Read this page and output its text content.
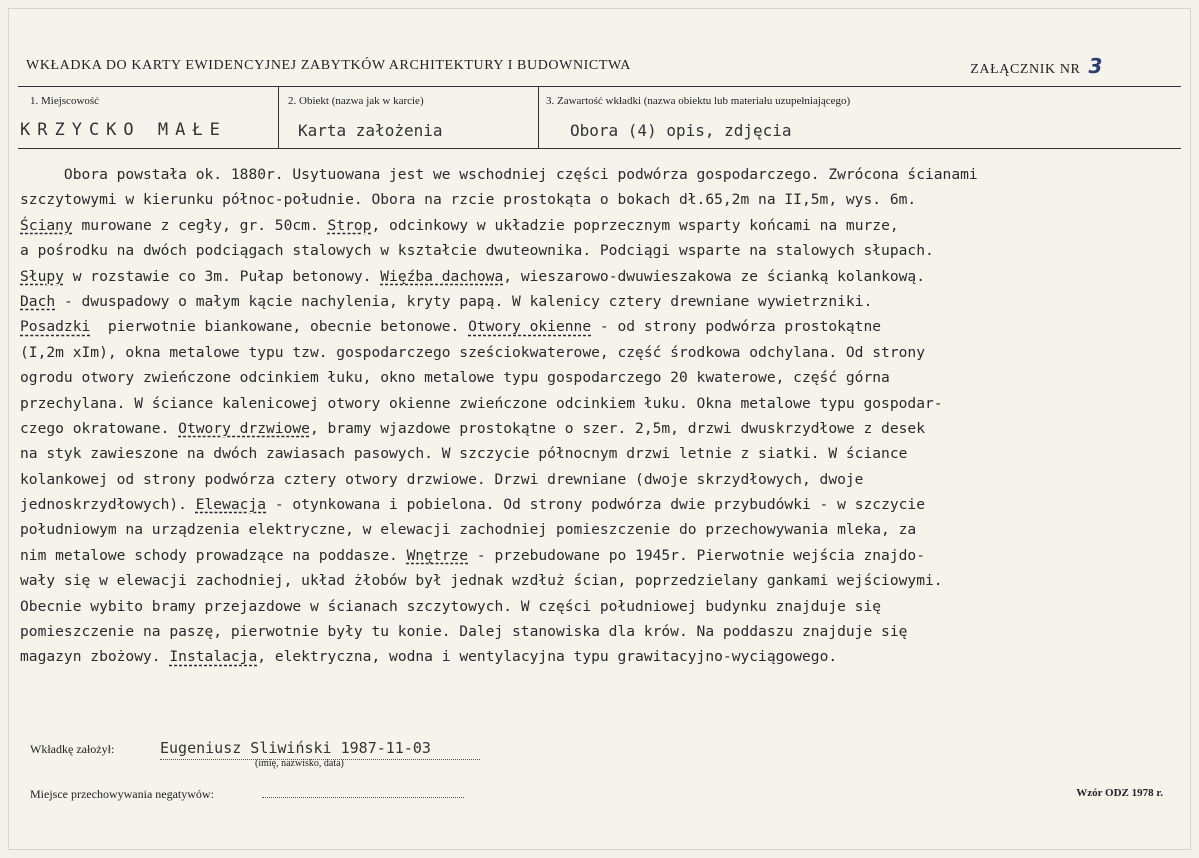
WKŁADKA DO KARTY EWIDENCYJNEJ ZABYTKÓW ARCHITEKTURY I BUDOWNICTWA	ZAŁĄCZNIK NR 3
1. Miejscowość	2. Obiekt (nazwa jak w karcie)	3. Zawartość wkładki (nazwa obiektu lub materiału uzupełniającego)
KRZYCKO MAŁE	Karta założenia	Obora (4) opis, zdjęcia
Obora powstała ok. 1880r. Usytuowana jest we wschodniej części podwórza gospodarczego. Zwrócona ścianami
szczytowymi w kierunku północ-południe. Obora na rzcie prostokąta o bokach dł.65,2m na II,5m, wys. 6m.
Ściany murowane z cegły, gr. 50cm. Strop, odcinkowy w układzie poprzecznym wsparty końcami na murze,
a pośrodku na dwóch podciągach stalowych w kształcie dwuteownika. Podciągi wsparte na stalowych słupach.
Słupy w rozstawie co 3m. Pułap betonowy. Więźba dachowa, wieszarowo-dwuwieszakowa ze ścianką kolankową.
Dach - dwuspadowy o małym kącie nachylenia, kryty papą. W kalenicy cztery drewniane wywietrzniki.
Posadzki  pierwotnie biankowane, obecnie betonowe. Otwory okienne - od strony podwórza prostokątne
(I,2m xIm), okna metalowe typu tzw. gospodarczego sześciokwaterowe, część środkowa odchylana. Od strony
ogrodu otwory zwieńczone odcinkiem łuku, okno metalowe typu gospodarczego 20 kwaterowe, część górna
przechylana. W ściance kalenicowej otwory okienne zwieńczone odcinkiem łuku. Okna metalowe typu gospodar-
czego okratowane. Otwory drzwiowe, bramy wjazdowe prostokątne o szer. 2,5m, drzwi dwuskrzydłowe z desek
na styk zawieszone na dwóch zawiasach pasowych. W szczycie północnym drzwi letnie z siatki. W ściance
kolankowej od strony podwórza cztery otwory drzwiowe. Drzwi drewniane (dwoje skrzydłowych, dwoje
jednoskrzydłowych). Elewacja - otynkowana i pobielona. Od strony podwórza dwie przybudówki - w szczycie
południowym na urządzenia elektryczne, w elewacji zachodniej pomieszczenie do przechowywania mleka, za
nim metalowe schody prowadzące na poddasze. Wnętrze - przebudowane po 1945r. Pierwotnie wejścia znajdo-
wały się w elewacji zachodniej, układ żłobów był jednak wzdłuż ścian, poprzedzielany gankami wejściowymi.
Obecnie wybito bramy przejazdowe w ścianach szczytowych. W części południowej budynku znajduje się
pomieszczenie na paszę, pierwotnie były tu konie. Dalej stanowiska dla krów. Na poddaszu znajduje się
magazyn zbożowy. Instalacja, elektryczna, wodna i wentylacyjna typu grawitacyjno-wyciągowego.
Wkładkę założył:	Eugeniusz Sliwiński 1987-11-03
(imię, nazwisko, data)
Miejsce przechowywania negatywów:	Wzór ODZ 1978 r.
